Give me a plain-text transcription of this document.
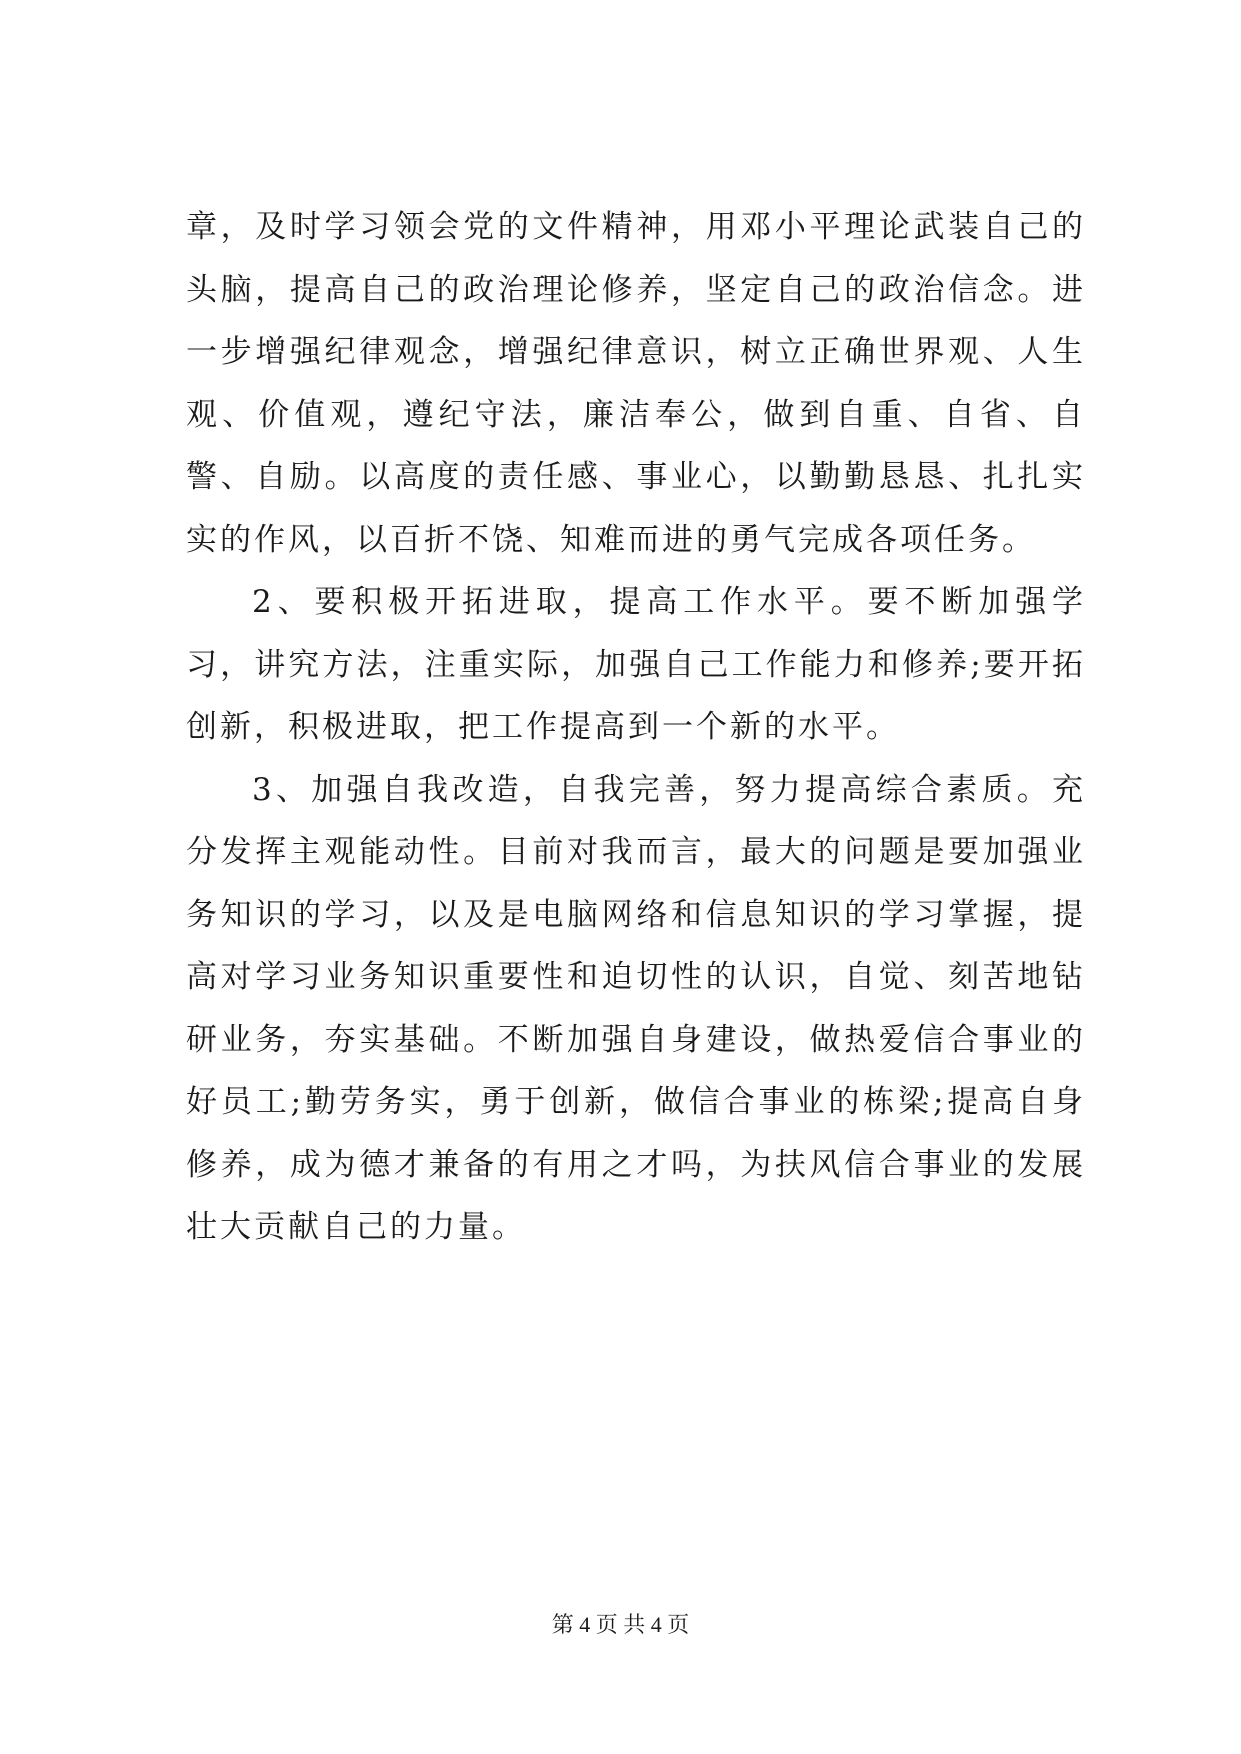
章，及时学习领会党的文件精神，用邓小平理论武装自己的头脑，提高自己的政治理论修养，坚定自己的政治信念。进一步增强纪律观念，增强纪律意识，树立正确世界观、人生观、价值观，遵纪守法，廉洁奉公，做到自重、自省、自警、自励。以高度的责任感、事业心，以勤勤恳恳、扎扎实实的作风，以百折不饶、知难而进的勇气完成各项任务。

2、要积极开拓进取，提高工作水平。要不断加强学习，讲究方法，注重实际，加强自己工作能力和修养;要开拓创新，积极进取，把工作提高到一个新的水平。

3、加强自我改造，自我完善，努力提高综合素质。充分发挥主观能动性。目前对我而言，最大的问题是要加强业务知识的学习，以及是电脑网络和信息知识的学习掌握，提高对学习业务知识重要性和迫切性的认识，自觉、刻苦地钻研业务，夯实基础。不断加强自身建设，做热爱信合事业的好员工;勤劳务实，勇于创新，做信合事业的栋梁;提高自身修养，成为德才兼备的有用之才吗，为扶风信合事业的发展壮大贡献自己的力量。

第 4 页 共 4 页
